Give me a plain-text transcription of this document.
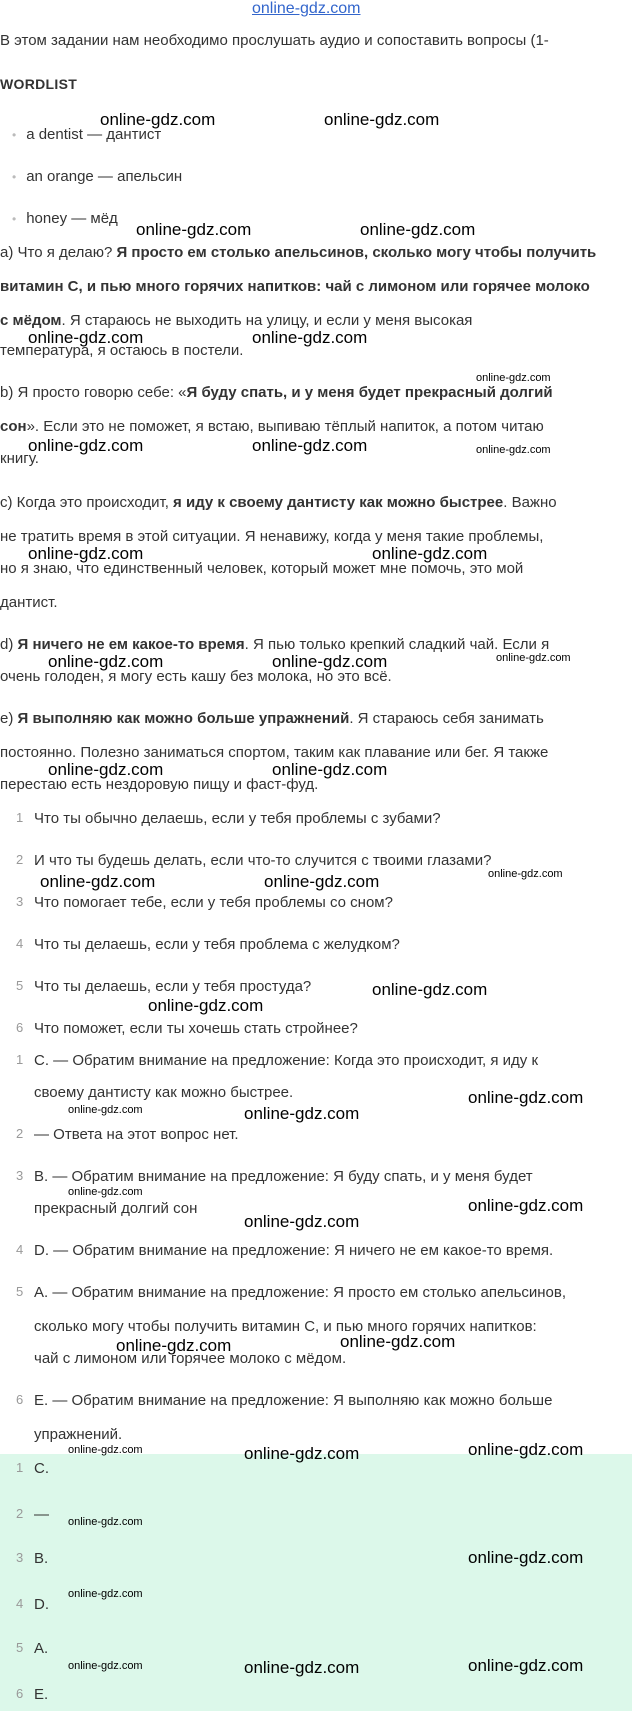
online-gdz.com
В этом задании нам необходимо прослушать аудио и сопоставить вопросы (1-
WORDLIST
• a dentist — дантист
• an orange — апельсин
• honey — мёд
a) Что я делаю? Я просто ем столько апельсинов, сколько могу чтобы получить
витамин С, и пью много горячих напитков: чай с лимоном или горячее молоко
с мёдом. Я стараюсь не выходить на улицу, и если у меня высокая
температура, я остаюсь в постели.
b) Я просто говорю себе: «Я буду спать, и у меня будет прекрасный долгий
сон». Если это не поможет, я встаю, выпиваю тёплый напиток, а потом читаю
книгу.
c) Когда это происходит, я иду к своему дантисту как можно быстрее. Важно
не тратить время в этой ситуации. Я ненавижу, когда у меня такие проблемы,
но я знаю, что единственный человек, который может мне помочь, это мой
дантист.
d) Я ничего не ем какое-то время. Я пью только крепкий сладкий чай. Если я
очень голоден, я могу есть кашу без молока, но это всё.
e) Я выполняю как можно больше упражнений. Я стараюсь себя занимать
постоянно. Полезно заниматься спортом, таким как плавание или бег. Я также
перестаю есть нездоровую пищу и фаст-фуд.
1 Что ты обычно делаешь, если у тебя проблемы с зубами?
2 И что ты будешь делать, если что-то случится с твоими глазами?
3 Что помогает тебе, если у тебя проблемы со сном?
4 Что ты делаешь, если у тебя проблема с желудком?
5 Что ты делаешь, если у тебя простуда?
6 Что поможет, если ты хочешь стать стройнее?
1 C. — Обратим внимание на предложение: Когда это происходит, я иду к
своему дантисту как можно быстрее.
2 — Ответа на этот вопрос нет.
3 B. — Обратим внимание на предложение: Я буду спать, и у меня будет
прекрасный долгий сон
4 D. — Обратим внимание на предложение: Я ничего не ем какое-то время.
5 A. — Обратим внимание на предложение: Я просто ем столько апельсинов,
сколько могу чтобы получить витамин С, и пью много горячих напитков:
чай с лимоном или горячее молоко с мёдом.
6 E. — Обратим внимание на предложение: Я выполняю как можно больше
упражнений.
1 C.
2 —
3 B.
4 D.
5 A.
6 E.
online-gdz.com	online-gdz.com
online-gdz.com	online-gdz.com
online-gdz.com	online-gdz.com
online-gdz.com
online-gdz.com	online-gdz.com	online-gdz.com
online-gdz.com	online-gdz.com
online-gdz.com	online-gdz.com	online-gdz.com
online-gdz.com	online-gdz.com
online-gdz.com	online-gdz.com	online-gdz.com
online-gdz.com
online-gdz.com
online-gdz.com
online-gdz.com	online-gdz.com
online-gdz.com
online-gdz.com
online-gdz.com
online-gdz.com
online-gdz.com
online-gdz.com
online-gdz.com	online-gdz.com
online-gdz.com
online-gdz.com
online-gdz.com
online-gdz.com	online-gdz.com	online-gdz.com
